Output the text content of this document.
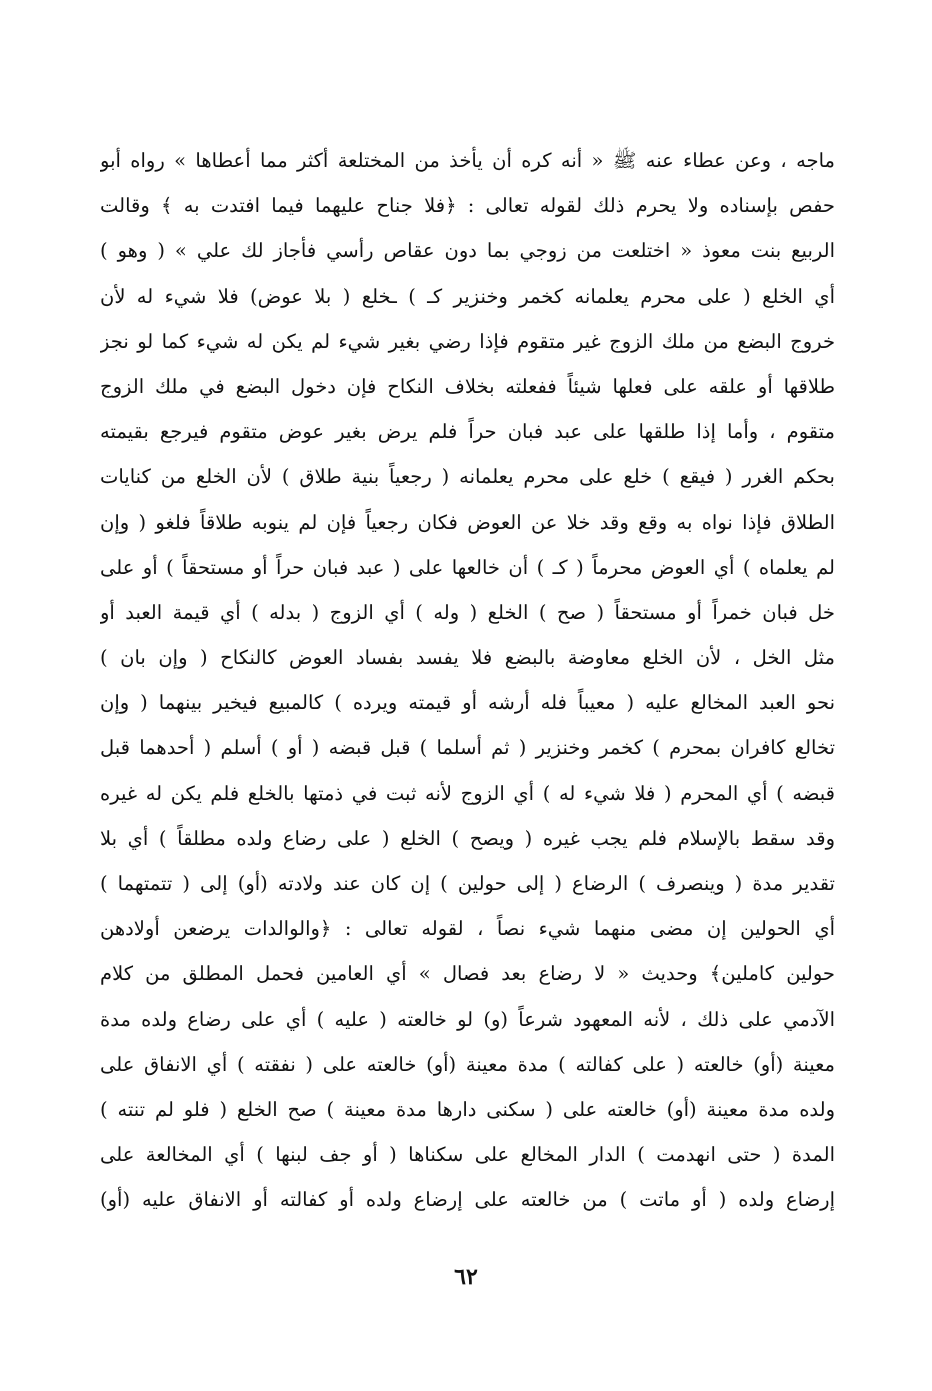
ماجه ، وعن عطاء عنه ﷺ « أنه كره أن يأخذ من المختلعة أكثر مما أعطاها » رواه أبو
حفص بإسناده ولا يحرم ذلك لقوله تعالى : ﴿فلا جناح عليهما فيما افتدت به ﴾ وقالت
الربيع بنت معوذ « اختلعت من زوجي بما دون عقاص رأسي فأجاز لك علي » ( وهو )
أي الخلع ( على محرم يعلمانه كخمر وخنزير كـ ) ـخلع ( بلا عوض) فلا شيء له لأن
خروج البضع من ملك الزوج غير متقوم فإذا رضي بغير شيء لم يكن له شيء كما لو نجز
طلاقها أو علقه على فعلها شيئاً ففعلته بخلاف النكاح فإن دخول البضع في ملك الزوج
متقوم ، وأما إذا طلقها على عبد فبان حراً فلم يرض بغير عوض متقوم فيرجع بقيمته
بحكم الغرر ( فيقع ) خلع على محرم يعلمانه ( رجعياً بنية طلاق ) لأن الخلع من كنايات
الطلاق فإذا نواه به وقع وقد خلا عن العوض فكان رجعياً فإن لم ينوبه طلاقاً فلغو ( وإن
لم يعلماه ) أي العوض محرماً ( كـ ) أن خالعها على ( عبد فبان حراً أو مستحقاً ) أو على
خل فبان خمراً أو مستحقاً ( صح ) الخلع ( وله ) أي الزوج ( بدله ) أي قيمة العبد أو
مثل الخل ، لأن الخلع معاوضة بالبضع فلا يفسد بفساد العوض كالنكاح ( وإن بان )
نحو العبد المخالع عليه ( معيباً فله أرشه أو قيمته ويرده ) كالمبيع فيخير بينهما ( وإن
تخالع كافران بمحرم ) كخمر وخنزير ( ثم أسلما ) قبل قبضه ( أو ) أسلم ( أحدهما قبل
قبضه ) أي المحرم ( فلا شيء له ) أي الزوج لأنه ثبت في ذمتها بالخلع فلم يكن له غيره
وقد سقط بالإسلام فلم يجب غيره ( ويصح ) الخلع ( على رضاع ولده مطلقاً ) أي بلا
تقدير مدة ( وينصرف ) الرضاع ( إلى حولين ) إن كان عند ولادته (أو) إلى ( تتمتهما )
أي الحولين إن مضى منهما شيء نصاً ، لقوله تعالى : ﴿والوالدات يرضعن أولادهن
حولين كاملين﴾ وحديث « لا رضاع بعد فصال » أي العامين فحمل المطلق من كلام
الآدمي على ذلك ، لأنه المعهود شرعاً (و) لو خالعته ( عليه ) أي على رضاع ولده مدة
معينة (أو) خالعته ( على كفالته ) مدة معينة (أو) خالعته على ( نفقته ) أي الانفاق على
ولده مدة معينة (أو) خالعته على ( سكنى دارها مدة معينة ) صح الخلع ( فلو لم تنته )
المدة ( حتى انهدمت ) الدار المخالع على سكناها ( أو جف لبنها ) أي المخالعة على
إرضاع ولده ( أو ماتت ) من خالعته على إرضاع ولده أو كفالته أو الانفاق عليه (أو)
٦٢
